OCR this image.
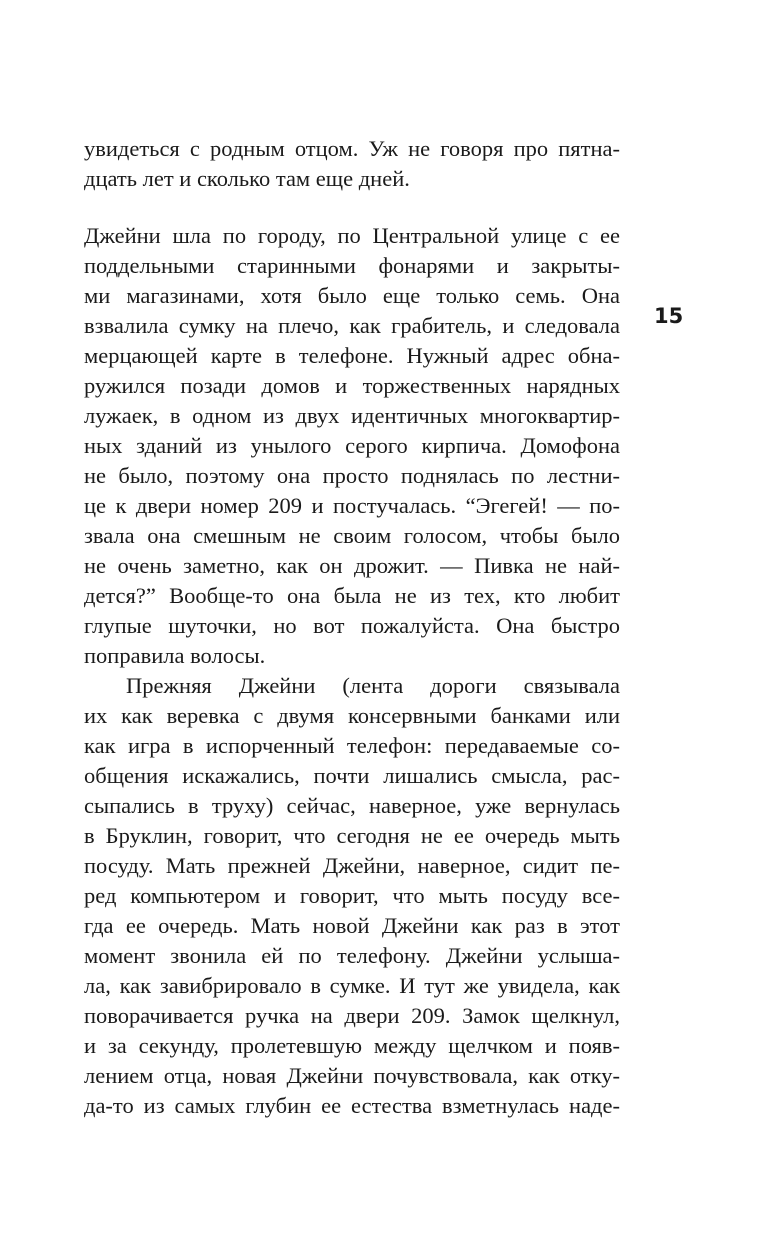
увидеться с родным отцом. Уж не говоря про пятна-
дцать лет и сколько там еще дней.
Джейни шла по городу, по Центральной улице с ее
поддельными старинными фонарями и закрыты-
ми магазинами, хотя было еще только семь. Она
взвалила сумку на плечо, как грабитель, и следовала
мерцающей карте в телефоне. Нужный адрес обна-
ружился позади домов и торжественных нарядных
лужаек, в одном из двух идентичных многоквартир-
ных зданий из унылого серого кирпича. Домофона
не было, поэтому она просто поднялась по лестни-
це к двери номер 209 и постучалась. “Эгегей! — по-
звала она смешным не своим голосом, чтобы было
не очень заметно, как он дрожит. — Пивка не най-
дется?” Вообще-то она была не из тех, кто любит
глупые шуточки, но вот пожалуйста. Она быстро
поправила волосы.
Прежняя Джейни (лента дороги связывала
их как веревка с двумя консервными банками или
как игра в испорченный телефон: передаваемые со-
общения искажались, почти лишались смысла, рас-
сыпались в труху) сейчас, наверное, уже вернулась
в Бруклин, говорит, что сегодня не ее очередь мыть
посуду. Мать прежней Джейни, наверное, сидит пе-
ред компьютером и говорит, что мыть посуду все-
гда ее очередь. Мать новой Джейни как раз в этот
момент звонила ей по телефону. Джейни услыша-
ла, как завибрировало в сумке. И тут же увидела, как
поворачивается ручка на двери 209. Замок щелкнул,
и за секунду, пролетевшую между щелчком и появ-
лением отца, новая Джейни почувствовала, как отку-
да-то из самых глубин ее естества взметнулась наде-
15
